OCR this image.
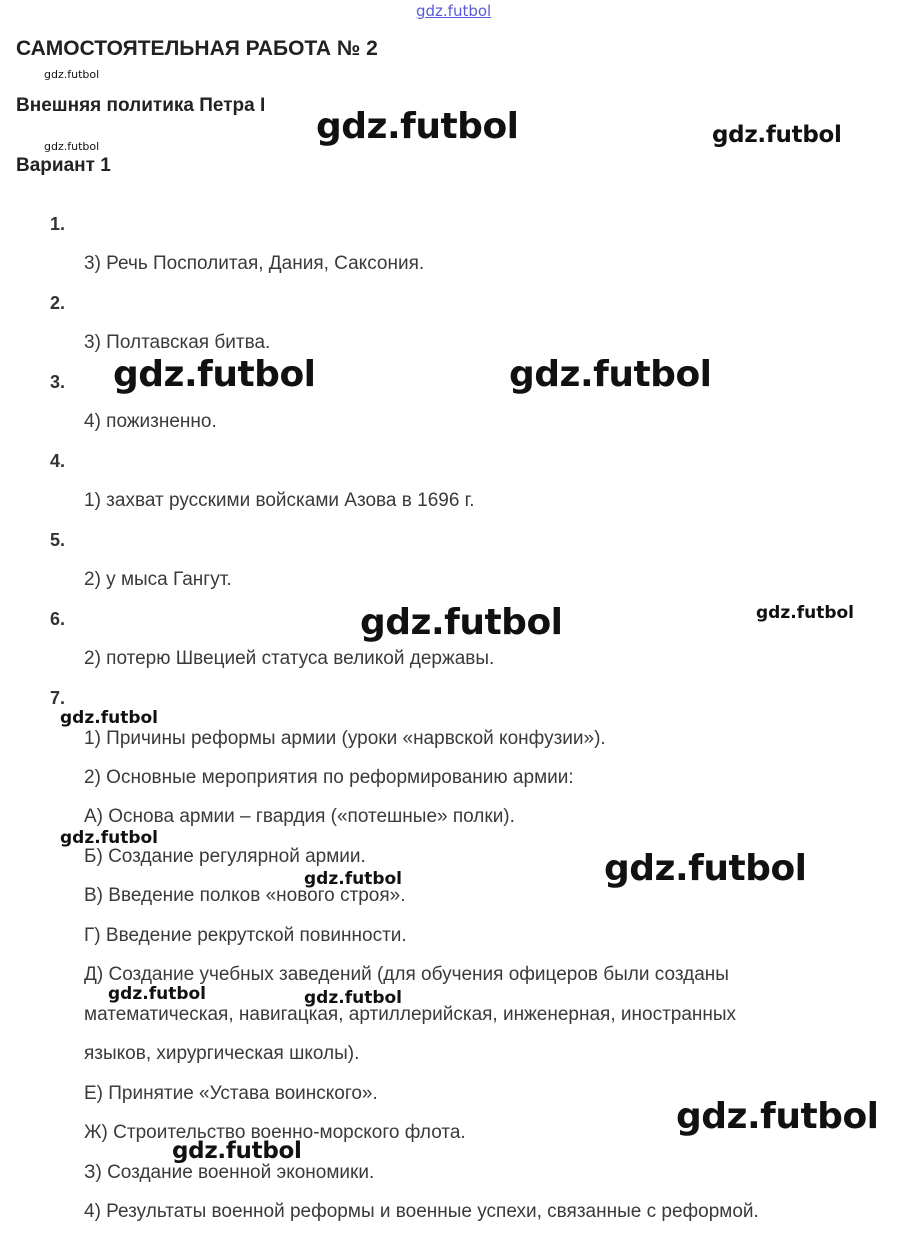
gdz.futbol
gdz.futbol
gdz.futbol	gdz.futbol	gdz.futbol
gdz.futbol	gdz.futbol
gdz.futbol	gdz.futbol
gdz.futbol
gdz.futbol
gdz.futbol	gdz.futbol
gdz.futbol	gdz.futbol
gdz.futbol
gdz.futbol
САМОСТОЯТЕЛЬНАЯ РАБОТА № 2
Внешняя политика Петра I
Вариант 1
1.
3) Речь Посполитая, Дания, Саксония.
2.
3) Полтавская битва.
3.
4) пожизненно.
4.
1) захват русскими войсками Азова в 1696 г.
5.
2) у мыса Гангут.
6.
2) потерю Швецией статуса великой державы.
7.
1) Причины реформы армии (уроки «нарвской конфузии»).
2) Основные мероприятия по реформированию армии:
А) Основа армии – гвардия («потешные» полки).
Б) Создание регулярной армии.
В) Введение полков «нового строя».
Г) Введение рекрутской повинности.
Д) Создание учебных заведений (для обучения офицеров были созданы
математическая, навигацкая, артиллерийская, инженерная, иностранных
языков, хирургическая школы).
Е) Принятие «Устава воинского».
Ж) Строительство военно-морского флота.
З) Создание военной экономики.
4) Результаты военной реформы и военные успехи, связанные с реформой.
